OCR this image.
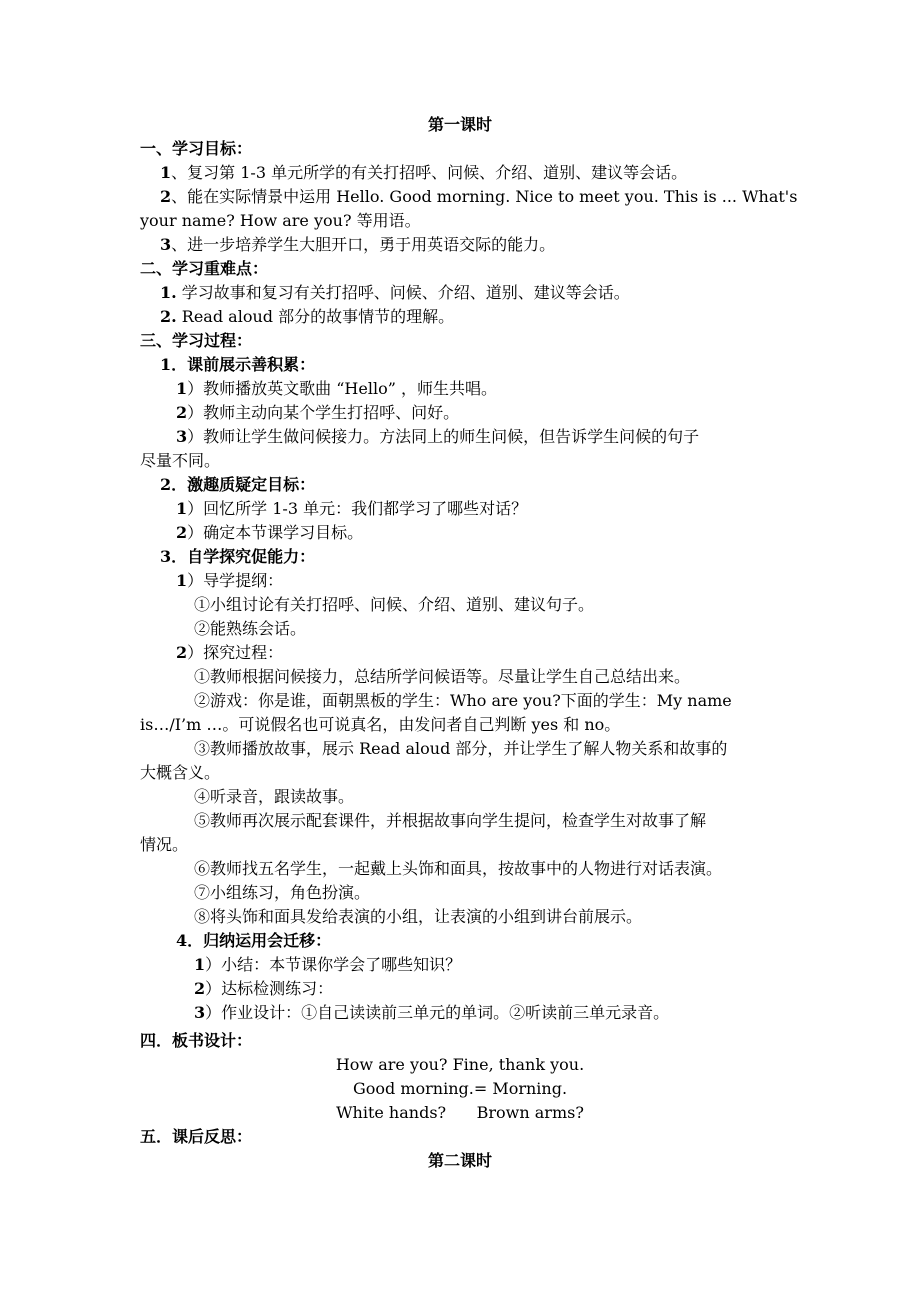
第一课时
一、学习目标：
1、复习第 1-3 单元所学的有关打招呼、问候、介绍、道别、建议等会话。
2、能在实际情景中运用 Hello. Good morning. Nice to meet you. This is ... What's
your name? How are you? 等用语。
3、进一步培养学生大胆开口，勇于用英语交际的能力。
二、学习重难点：
1. 学习故事和复习有关打招呼、问候、介绍、道别、建议等会话。
2. Read aloud 部分的故事情节的理解。
三、学习过程：
1．课前展示善积累：
1）教师播放英文歌曲 “Hello” ，师生共唱。
2）教师主动向某个学生打招呼、问好。
3）教师让学生做问候接力。方法同上的师生问候，但告诉学生问候的句子
尽量不同。
2．激趣质疑定目标：
1）回忆所学 1-3 单元：我们都学习了哪些对话？
2）确定本节课学习目标。
3．自学探究促能力：
1）导学提纲：
①小组讨论有关打招呼、问候、介绍、道别、建议句子。
②能熟练会话。
2）探究过程：
①教师根据问候接力，总结所学问候语等。尽量让学生自己总结出来。
②游戏：你是谁，面朝黑板的学生：Who are you?下面的学生：My name
is…/I’m …。可说假名也可说真名，由发问者自己判断 yes 和 no。
③教师播放故事，展示 Read aloud 部分，并让学生了解人物关系和故事的
大概含义。
④听录音，跟读故事。
⑤教师再次展示配套课件，并根据故事向学生提问，检查学生对故事了解
情况。
⑥教师找五名学生，一起戴上头饰和面具，按故事中的人物进行对话表演。
⑦小组练习，角色扮演。
⑧将头饰和面具发给表演的小组，让表演的小组到讲台前展示。
4．归纳运用会迁移：
1）小结：本节课你学会了哪些知识？
2）达标检测练习：
3）作业设计：①自己读读前三单元的单词。②听读前三单元录音。
四．板书设计：
How are you? Fine, thank you.
Good morning.= Morning.
White hands?      Brown arms?
五．课后反思：
第二课时
